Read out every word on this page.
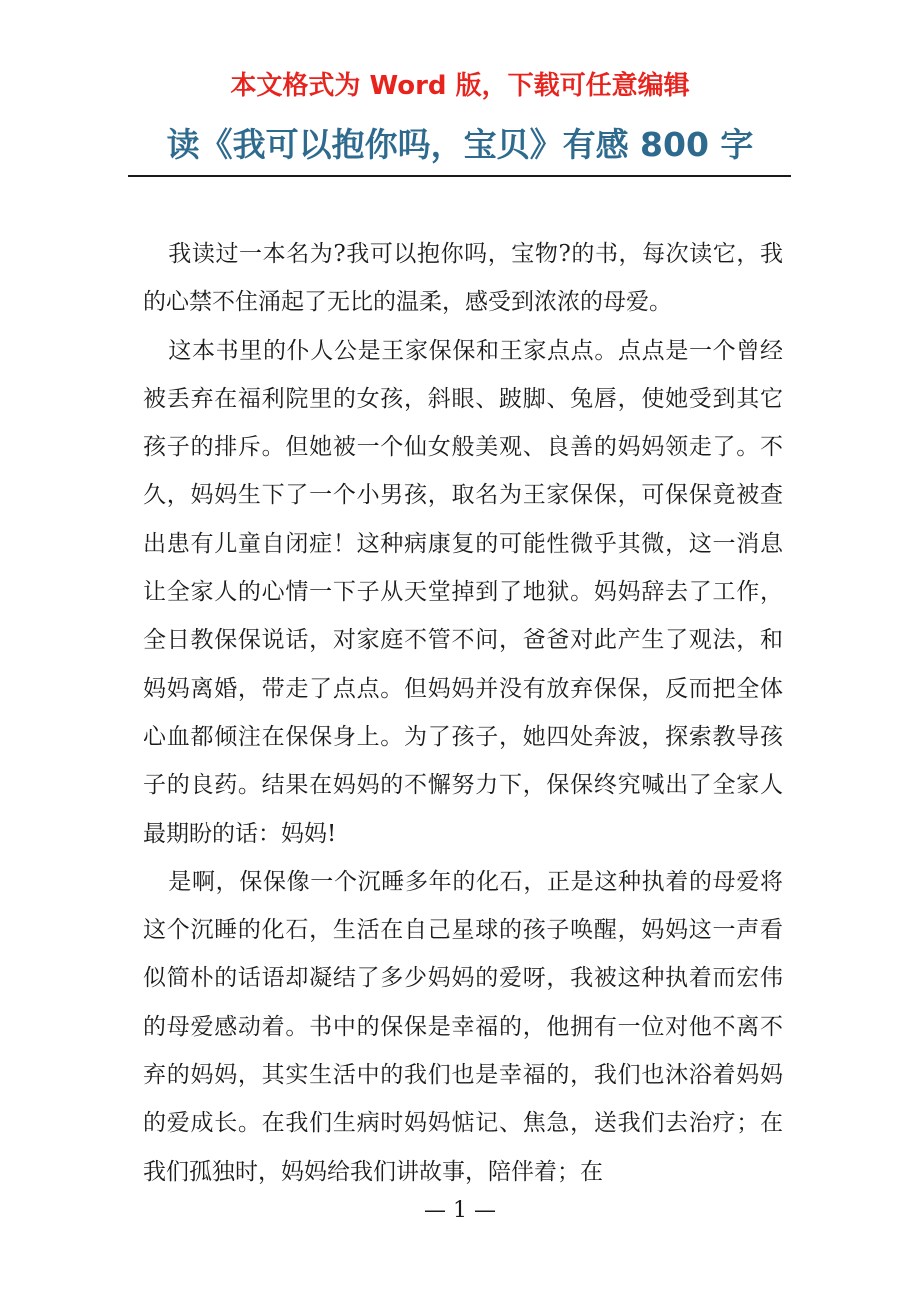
本文格式为 Word 版，下载可任意编辑
读《我可以抱你吗，宝贝》有感 800 字

我读过一本名为?我可以抱你吗，宝物?的书，每次读它，我的心禁不住涌起了无比的温柔，感受到浓浓的母爱。

这本书里的仆人公是王家保保和王家点点。点点是一个曾经被丢弃在福利院里的女孩，斜眼、跛脚、兔唇，使她受到其它孩子的排斥。但她被一个仙女般美观、良善的妈妈领走了。不久，妈妈生下了一个小男孩，取名为王家保保，可保保竟被查出患有儿童自闭症！这种病康复的可能性微乎其微，这一消息让全家人的心情一下子从天堂掉到了地狱。妈妈辞去了工作，全日教保保说话，对家庭不管不问，爸爸对此产生了观法，和妈妈离婚，带走了点点。但妈妈并没有放弃保保，反而把全体心血都倾注在保保身上。为了孩子，她四处奔波，探索教导孩子的良药。结果在妈妈的不懈努力下，保保终究喊出了全家人最期盼的话：妈妈!

是啊，保保像一个沉睡多年的化石，正是这种执着的母爱将这个沉睡的化石，生活在自己星球的孩子唤醒，妈妈这一声看似简朴的话语却凝结了多少妈妈的爱呀，我被这种执着而宏伟的母爱感动着。书中的保保是幸福的，他拥有一位对他不离不弃的妈妈，其实生活中的我们也是幸福的，我们也沐浴着妈妈的爱成长。在我们生病时妈妈惦记、焦急，送我们去治疗；在我们孤独时，妈妈给我们讲故事，陪伴着；在

— 1 —
